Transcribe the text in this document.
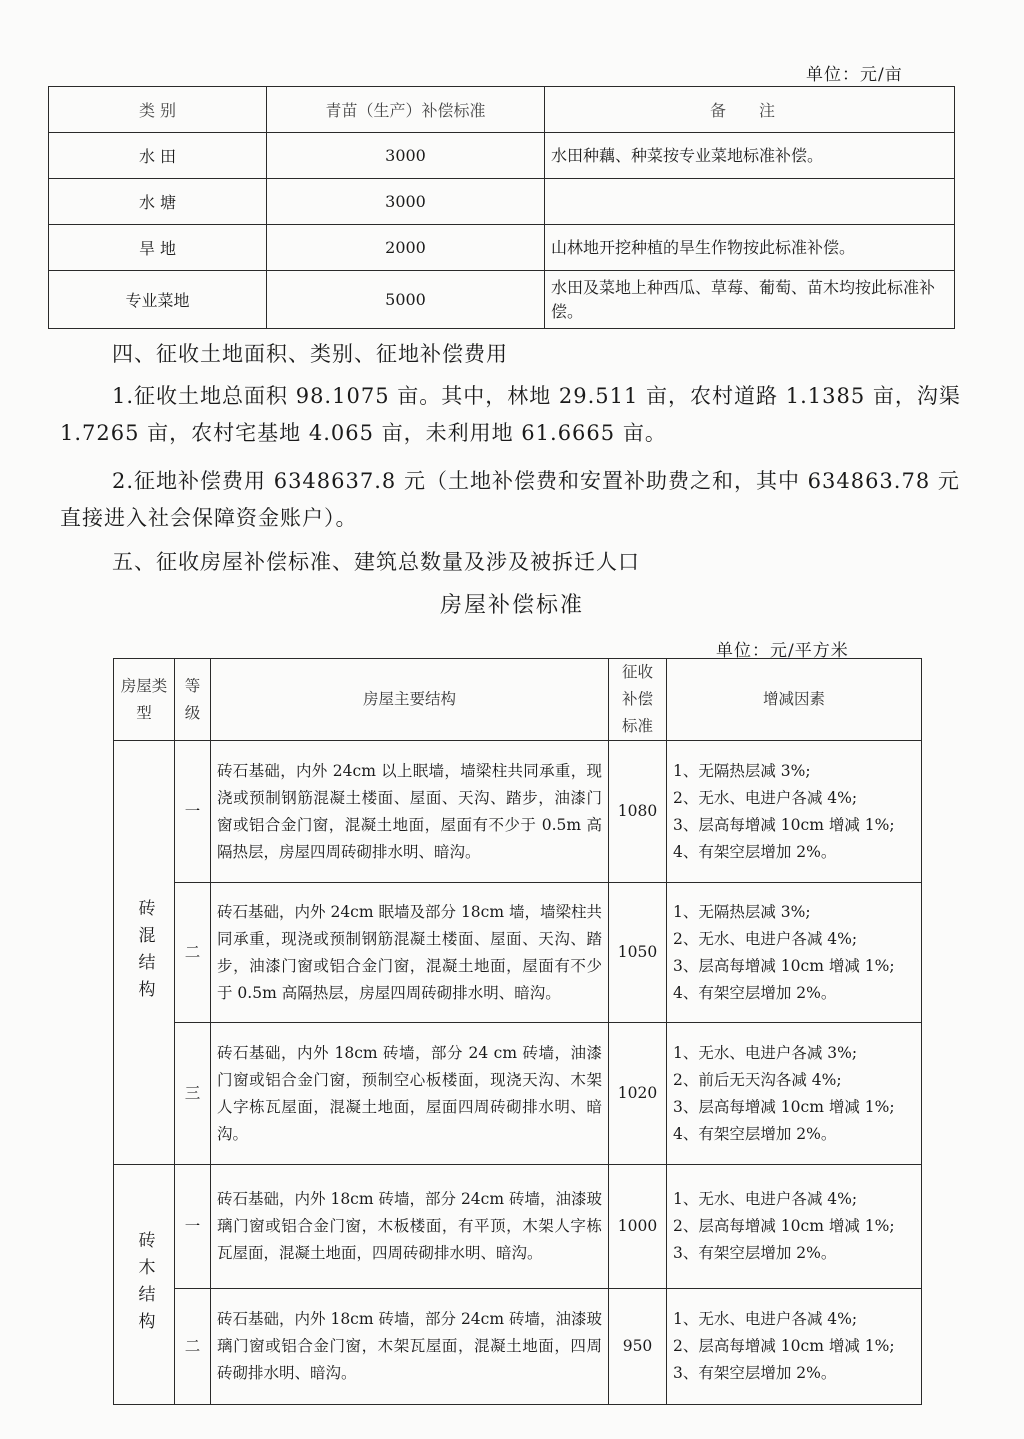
单位：元/亩
类 别	青苗（生产）补偿标准	备 注
水 田	3000	水田种藕、种菜按专业菜地标准补偿。
水 塘	3000	
旱 地	2000	山林地开挖种植的旱生作物按此标准补偿。
专业菜地	5000	水田及菜地上种西瓜、草莓、葡萄、苗木均按此标准补偿。
四、征收土地面积、类别、征地补偿费用
1.征收土地总面积 98.1075 亩。其中，林地 29.511 亩，农村道路 1.1385 亩，沟渠 1.7265 亩，农村宅基地 4.065 亩，未利用地 61.6665 亩。
2.征地补偿费用 6348637.8 元（土地补偿费和安置补助费之和，其中 634863.78 元直接进入社会保障资金账户）。
五、征收房屋补偿标准、建筑总数量及涉及被拆迁人口
房屋补偿标准
单位：元/平方米
房屋类型	等级	房屋主要结构	征收补偿标准	增减因素

砖混结构	一	砖石基础，内外 24cm 以上眠墙，墙梁柱共同承重，现浇或预制钢筋混凝土楼面、屋面、天沟、踏步，油漆门窗或铝合金门窗，混凝土地面，屋面有不少于 0.5m 高隔热层，房屋四周砖砌排水明、暗沟。	1080	1、无隔热层减 3%;
2、无水、电进户各减 4%;
3、层高每增减 10cm 增减 1%;
4、有架空层增加 2%。

	二	砖石基础，内外 24cm 眠墙及部分 18cm 墙，墙梁柱共同承重，现浇或预制钢筋混凝土楼面、屋面、天沟、踏步，油漆门窗或铝合金门窗，混凝土地面，屋面有不少于 0.5m 高隔热层，房屋四周砖砌排水明、暗沟。	1050	1、无隔热层减 3%;
2、无水、电进户各减 4%;
3、层高每增减 10cm 增减 1%;
4、有架空层增加 2%。

	三	砖石基础，内外 18cm 砖墙，部分 24 cm 砖墙，油漆门窗或铝合金门窗，预制空心板楼面，现浇天沟、木架人字栋瓦屋面，混凝土地面，屋面四周砖砌排水明、暗沟。	1020	1、无水、电进户各减 3%;
2、前后无天沟各减 4%;
3、层高每增减 10cm 增减 1%;
4、有架空层增加 2%。

砖木结构	一	砖石基础，内外 18cm 砖墙，部分 24cm 砖墙，油漆玻璃门窗或铝合金门窗，木板楼面，有平顶，木架人字栋瓦屋面，混凝土地面，四周砖砌排水明、暗沟。	1000	1、无水、电进户各减 4%;
2、层高每增减 10cm 增减 1%;
3、有架空层增加 2%。

	二	砖石基础，内外 18cm 砖墙，部分 24cm 砖墙，油漆玻璃门窗或铝合金门窗，木架瓦屋面，混凝土地面，四周砖砌排水明、暗沟。	950	1、无水、电进户各减 4%;
2、层高每增减 10cm 增减 1%;
3、有架空层增加 2%。
